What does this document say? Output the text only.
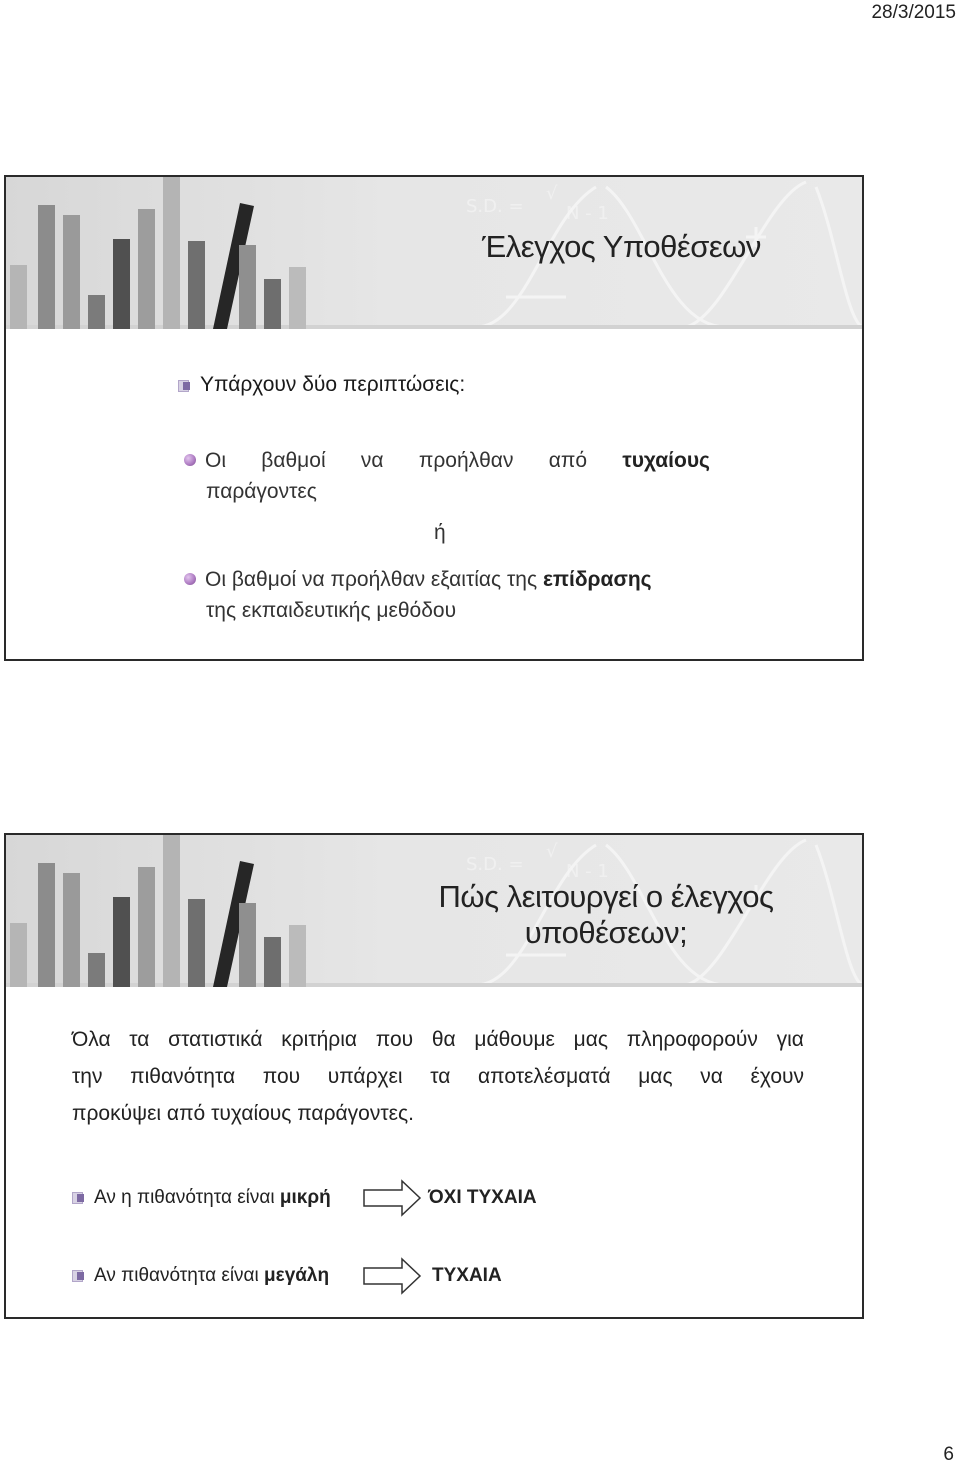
28/3/2015
S.D. =
√
N - 1
Έλεγχος Υποθέσεων
Υπάρχουν δύο περιπτώσεις:
Οι βαθμοί να προήλθαν από τυχαίους
παράγοντες
ή
Οι βαθμοί να προήλθαν εξαιτίας της επίδρασης
της εκπαιδευτικής μεθόδου
S.D. =
√
N - 1
Πώς λειτουργεί ο έλεγχος
υποθέσεων;
Όλα τα στατιστικά κριτήρια που θα μάθουμε μας πληροφορούν για
την πιθανότητα που υπάρχει τα αποτελέσματά μας να έχουν
προκύψει από τυχαίους παράγοντες.
Αν η πιθανότητα είναι μικρή	ΌΧΙ ΤΥΧΑΙΑ
Αν πιθανότητα είναι μεγάλη	ΤΥΧΑΙΑ
6
